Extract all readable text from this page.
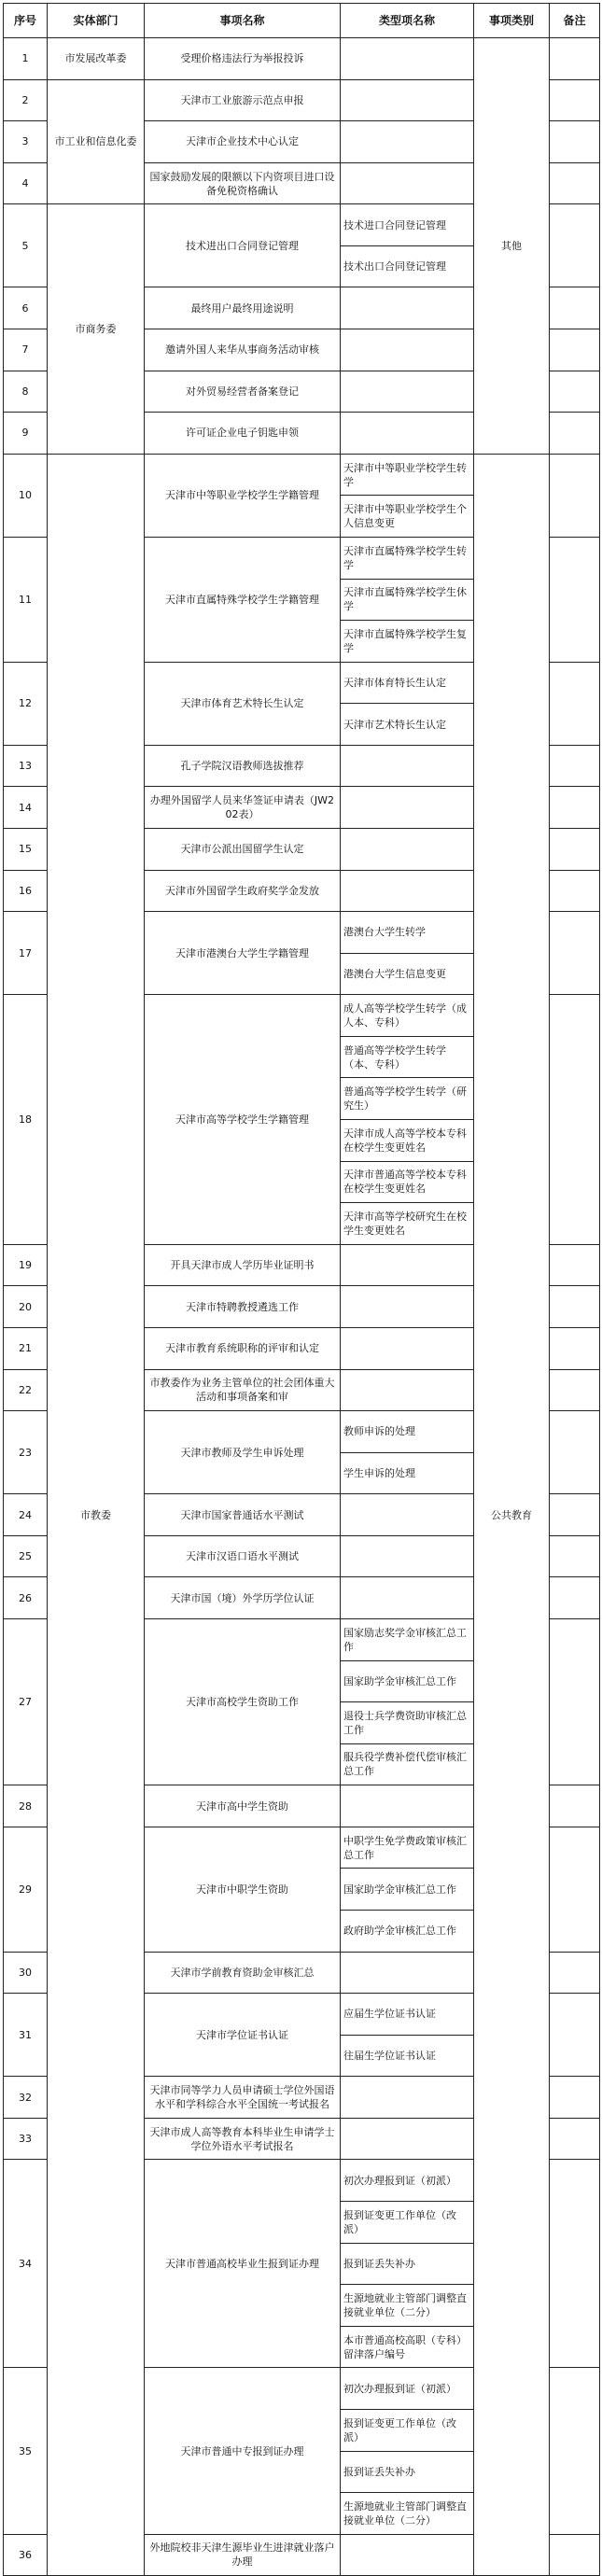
序号	实体部门	事项名称	类型项名称	事项类别	备注
1	市发展改革委	受理价格违法行为举报投诉		其他	
2	市工业和信息化委	天津市工业旅游示范点申报			
3		天津市企业技术中心认定			
4		国家鼓励发展的限额以下内资项目进口设备免税资格确认			
5	市商务委	技术进出口合同登记管理	技术进口合同登记管理		
			技术出口合同登记管理		
6		最终用户最终用途说明			
7		邀请外国人来华从事商务活动审核			
8		对外贸易经营者备案登记			
9		许可证企业电子钥匙申领			
10	市教委	天津市中等职业学校学生学籍管理	天津市中等职业学校学生转学	公共教育	
			天津市中等职业学校学生个人信息变更		
11		天津市直属特殊学校学生学籍管理	天津市直属特殊学校学生转学		
			天津市直属特殊学校学生休学		
			天津市直属特殊学校学生复学		
12		天津市体育艺术特长生认定	天津市体育特长生认定		
			天津市艺术特长生认定		
13		孔子学院汉语教师选拔推荐			
14		办理外国留学人员来华签证申请表（JW202表）			
15		天津市公派出国留学生认定			
16		天津市外国留学生政府奖学金发放			
17		天津市港澳台大学生学籍管理	港澳台大学生转学		
			港澳台大学生信息变更		
18		天津市高等学校学生学籍管理	成人高等学校学生转学（成人本、专科）		
			普通高等学校学生转学（本、专科）		
			普通高等学校学生转学（研究生）		
			天津市成人高等学校本专科在校学生变更姓名		
			天津市普通高等学校本专科在校学生变更姓名		
			天津市高等学校研究生在校学生变更姓名		
19		开具天津市成人学历毕业证明书			
20		天津市特聘教授遴选工作			
21		天津市教育系统职称的评审和认定			
22		市教委作为业务主管单位的社会团体重大活动和事项备案和审			
23		天津市教师及学生申诉处理	教师申诉的处理		
			学生申诉的处理		
24		天津市国家普通话水平测试			
25		天津市汉语口语水平测试			
26		天津市国（境）外学历学位认证			
27		天津市高校学生资助工作	国家励志奖学金审核汇总工作		
			国家助学金审核汇总工作		
			退役士兵学费资助审核汇总工作		
			服兵役学费补偿代偿审核汇总工作		
28		天津市高中学生资助			
29		天津市中职学生资助	中职学生免学费政策审核汇总工作		
			国家助学金审核汇总工作		
			政府助学金审核汇总工作		
30		天津市学前教育资助金审核汇总			
31		天津市学位证书认证	应届生学位证书认证		
			往届生学位证书认证		
32		天津市同等学力人员申请硕士学位外国语水平和学科综合水平全国统一考试报名			
33		天津市成人高等教育本科毕业生申请学士学位外语水平考试报名			
34		天津市普通高校毕业生报到证办理	初次办理报到证（初派）		
			报到证变更工作单位（改派）		
			报到证丢失补办		
			生源地就业主管部门调整直接就业单位（二分）		
			本市普通高校高职（专科）留津落户编号		
35		天津市普通中专报到证办理	初次办理报到证（初派）		
			报到证变更工作单位（改派）		
			报到证丢失补办		
			生源地就业主管部门调整直接就业单位（二分）		
36		外地院校非天津生源毕业生进津就业落户办理			
